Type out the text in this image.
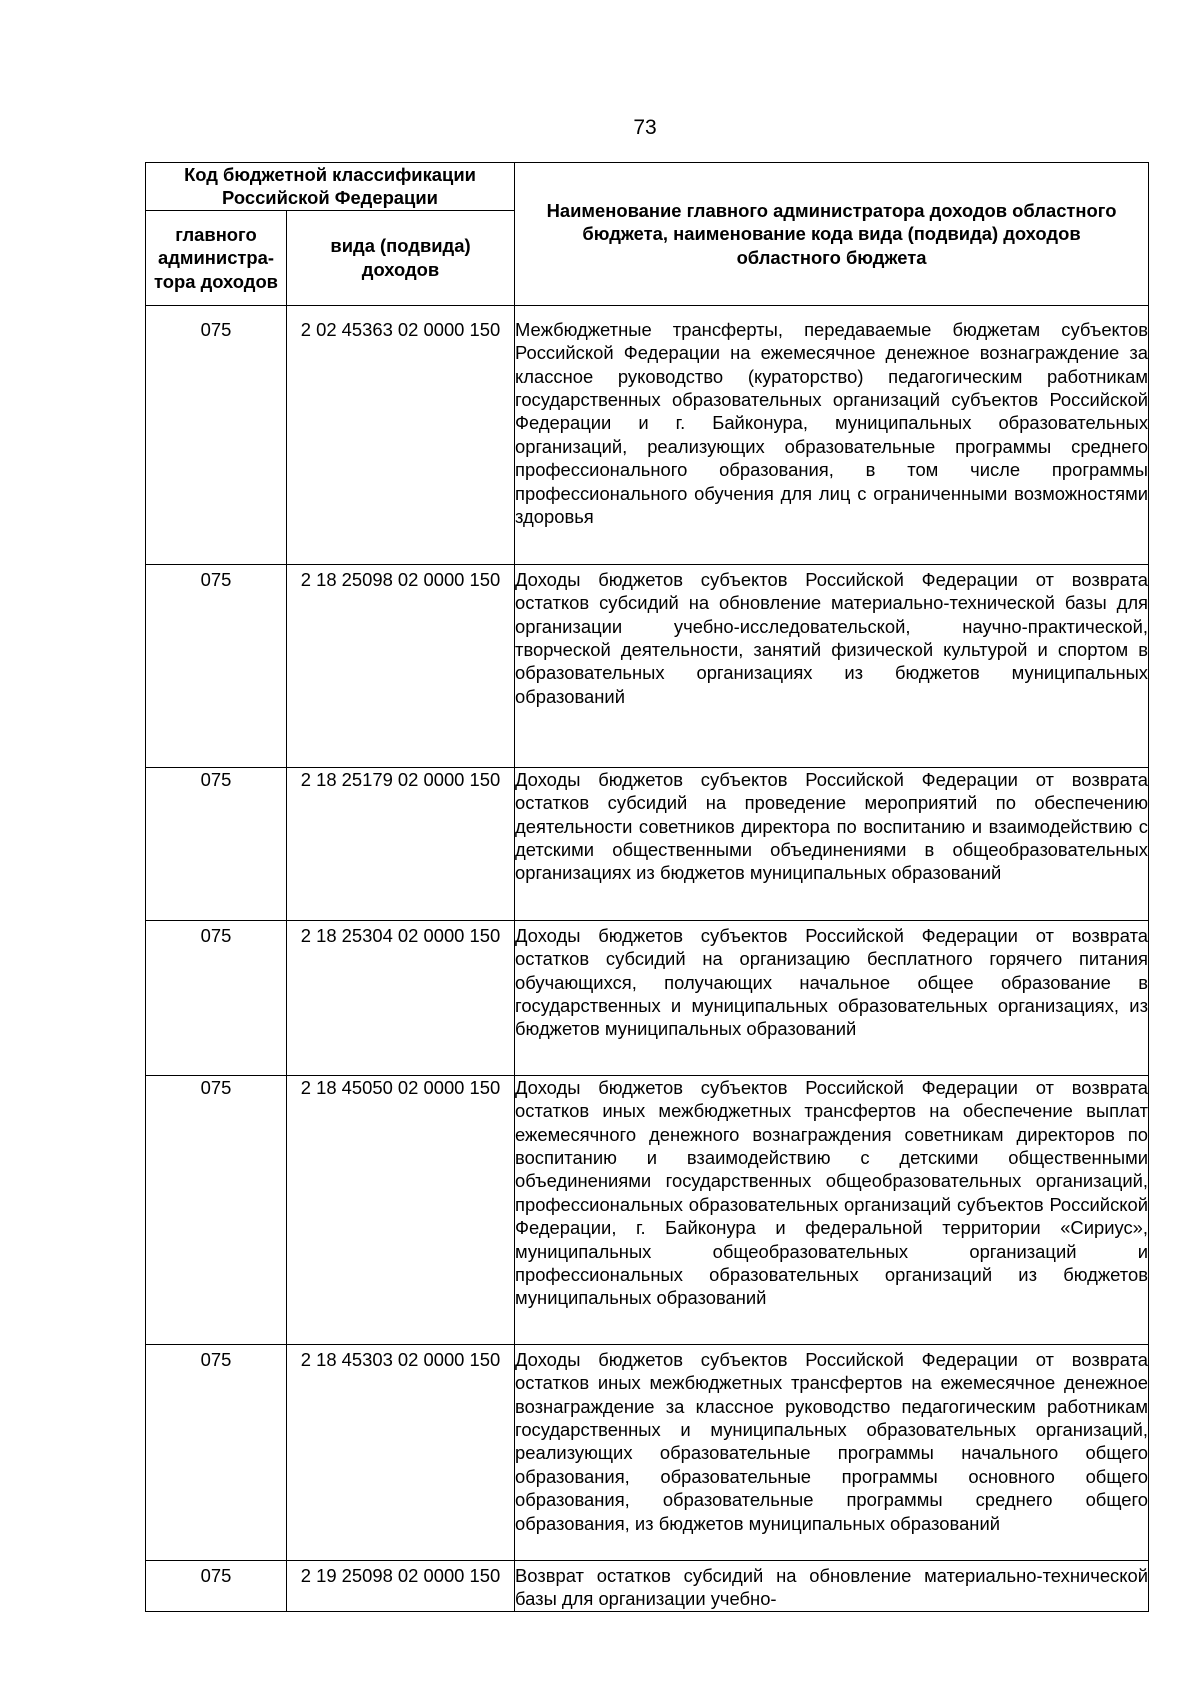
73
Код бюджетной классификации Российской Федерации		Наименование главного администратора доходов областного бюджета, наименование кода вида (подвида) доходов областного бюджета
главного администра-тора доходов	вида (подвида) доходов	
075	2 02 45363 02 0000 150	Межбюджетные трансферты, передаваемые бюджетам субъектов Российской Федерации на ежемесячное денежное вознаграждение за классное руководство (кураторство) педагогическим работникам государственных образовательных организаций субъектов Российской Федерации и г. Байконура, муниципальных образовательных организаций, реализующих образовательные программы среднего профессионального образования, в том числе программы профессионального обучения для лиц с ограниченными возможностями здоровья
075	2 18 25098 02 0000 150	Доходы бюджетов субъектов Российской Федерации от возврата остатков субсидий на обновление материально-технической базы для организации учебно-исследовательской, научно-практической, творческой деятельности, занятий физической культурой и спортом в образовательных организациях из бюджетов муниципальных образований
075	2 18 25179 02 0000 150	Доходы бюджетов субъектов Российской Федерации от возврата остатков субсидий на проведение мероприятий по обеспечению деятельности советников директора по воспитанию и взаимодействию с детскими общественными объединениями в общеобразовательных организациях из бюджетов муниципальных образований
075	2 18 25304 02 0000 150	Доходы бюджетов субъектов Российской Федерации от возврата остатков субсидий на организацию бесплатного горячего питания обучающихся, получающих начальное общее образование в государственных и муниципальных образовательных организациях, из бюджетов муниципальных образований
075	2 18 45050 02 0000 150	Доходы бюджетов субъектов Российской Федерации от возврата остатков иных межбюджетных трансфертов на обеспечение выплат ежемесячного денежного вознаграждения советникам директоров по воспитанию и взаимодействию с детскими общественными объединениями государственных общеобразовательных организаций, профессиональных образовательных организаций субъектов Российской Федерации, г. Байконура и федеральной территории «Сириус», муниципальных общеобразовательных организаций и профессиональных образовательных организаций из бюджетов муниципальных образований
075	2 18 45303 02 0000 150	Доходы бюджетов субъектов Российской Федерации от возврата остатков иных межбюджетных трансфертов на ежемесячное денежное вознаграждение за классное руководство педагогическим работникам государственных и муниципальных образовательных организаций, реализующих образовательные программы начального общего образования, образовательные программы основного общего образования, образовательные программы среднего общего образования, из бюджетов муниципальных образований
075	2 19 25098 02 0000 150	Возврат остатков субсидий на обновление материально-технической базы для организации учебно-
